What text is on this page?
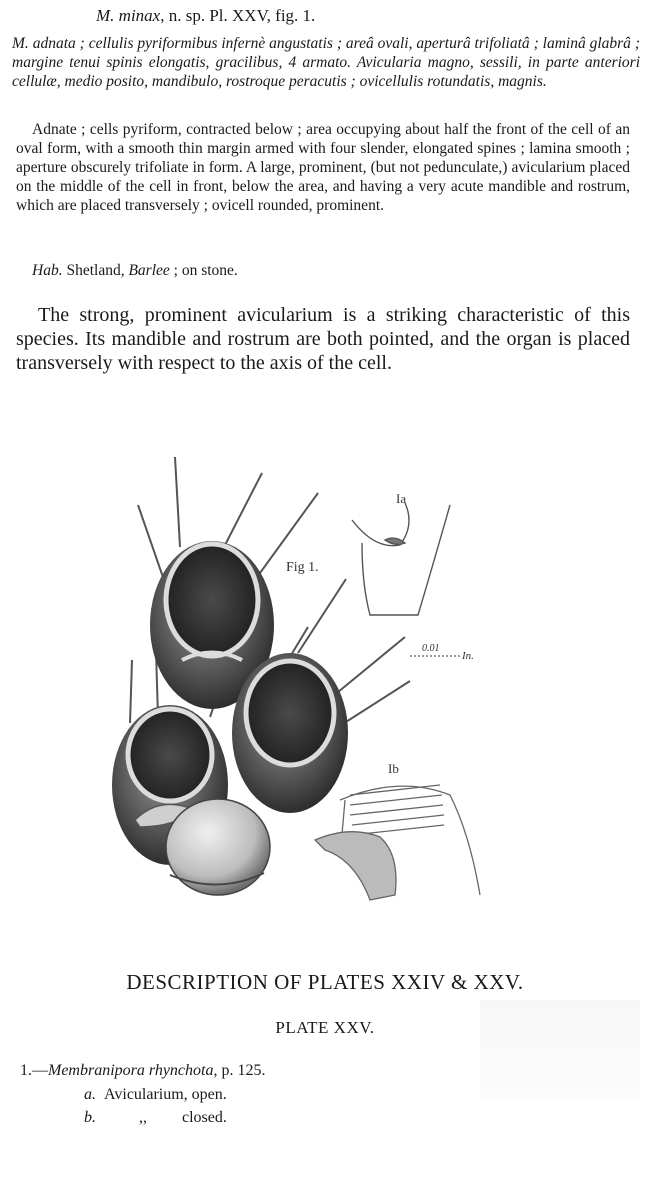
M. minax, n. sp. Pl. XXV, fig. 1.
M. adnata ; cellulis pyriformibus infernè angustatis ; areâ ovali, aperturâ trifoliatâ ; laminâ glabrâ ; margine tenui spinis elongatis, gracilibus, 4 armato. Avicularia magno, sessili, in parte anteriori cellulæ, medio posito, mandibulo, rostroque peracutis ; ovicellulis rotundatis, magnis.
Adnate ; cells pyriform, contracted below ; area occupying about half the front of the cell of an oval form, with a smooth thin margin armed with four slender, elongated spines ; lamina smooth ; aperture obscurely trifoliate in form. A large, prominent, (but not pedunculate,) avicularium placed on the middle of the cell in front, below the area, and having a very acute mandible and rostrum, which are placed transversely ; ovicell rounded, prominent.
Hab. Shetland, Barlee ; on stone.
The strong, prominent avicularium is a striking characteristic of this species. Its mandible and rostrum are both pointed, and the organ is placed transversely with respect to the axis of the cell.
Fig 1.
Ia
0.01
In.
Ib
DESCRIPTION OF PLATES XXIV & XXV.
PLATE XXV.
1.—Membranipora rhynchota, p. 125.
a. Avicularium, open.
b.	,, closed.
